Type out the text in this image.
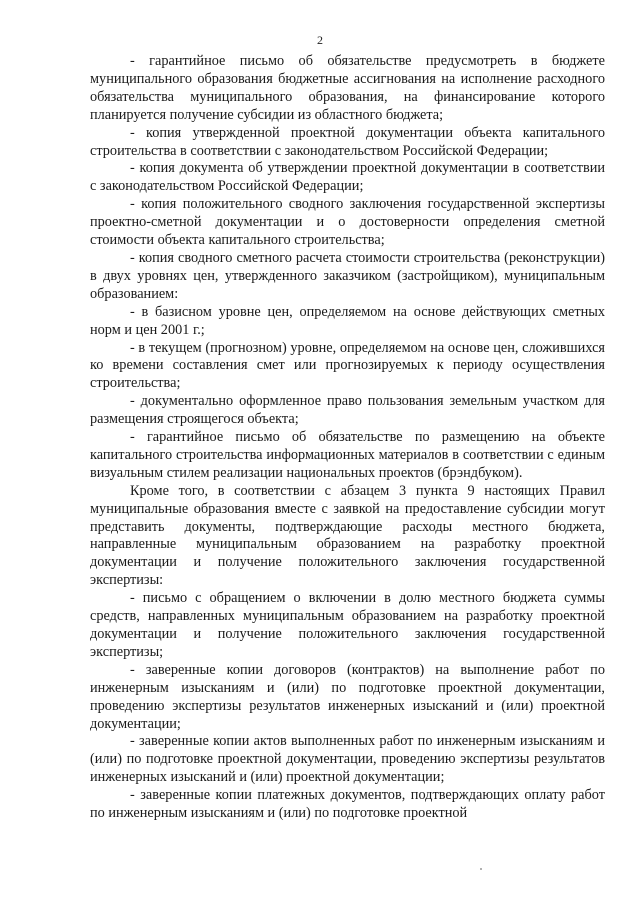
2

- гарантийное письмо об обязательстве предусмотреть в бюджете муниципального образования бюджетные ассигнования на исполнение расходного обязательства муниципального образования, на финансирование которого планируется получение субсидии из областного бюджета;

- копия утвержденной проектной документации объекта капитального строительства в соответствии с законодательством Российской Федерации;

- копия документа об утверждении проектной документации в соответствии с законодательством Российской Федерации;

- копия положительного сводного заключения государственной экспертизы проектно-сметной документации и о достоверности определения сметной стоимости объекта капитального строительства;

- копия сводного сметного расчета стоимости строительства (реконструкции) в двух уровнях цен, утвержденного заказчиком (застройщиком), муниципальным образованием:

- в базисном уровне цен, определяемом на основе действующих сметных норм и цен 2001 г.;

- в текущем (прогнозном) уровне, определяемом на основе цен, сложившихся ко времени составления смет или прогнозируемых к периоду осуществления строительства;

- документально оформленное право пользования земельным участком для размещения строящегося объекта;

- гарантийное письмо об обязательстве по размещению на объекте капитального строительства информационных материалов в соответствии с единым визуальным стилем реализации национальных проектов (брэндбуком).

Кроме того, в соответствии с абзацем 3 пункта 9 настоящих Правил муниципальные образования вместе с заявкой на предоставление субсидии могут представить документы, подтверждающие расходы местного бюджета, направленные муниципальным образованием на разработку проектной документации и получение положительного заключения государственной экспертизы:

- письмо с обращением о включении в долю местного бюджета суммы средств, направленных муниципальным образованием на разработку проектной документации и получение положительного заключения государственной экспертизы;

- заверенные копии договоров (контрактов) на выполнение работ по инженерным изысканиям и (или) по подготовке проектной документации, проведению экспертизы результатов инженерных изысканий и (или) проектной документации;

- заверенные копии актов выполненных работ по инженерным изысканиям и (или) по подготовке проектной документации, проведению экспертизы результатов инженерных изысканий и (или) проектной документации;

- заверенные копии платежных документов, подтверждающих оплату работ по инженерным изысканиям и (или) по подготовке проектной
